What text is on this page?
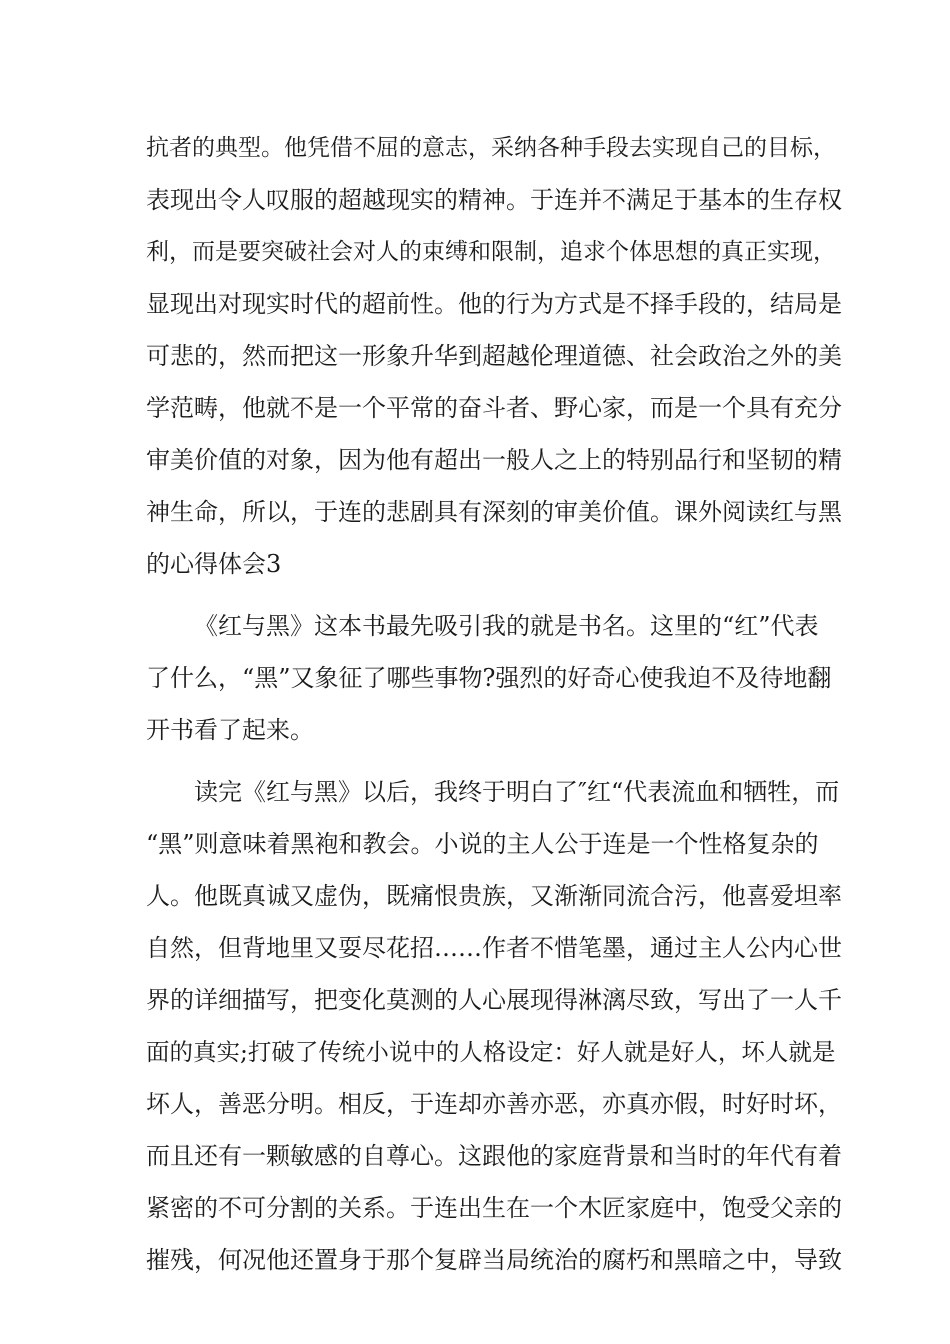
抗者的典型。他凭借不屈的意志，采纳各种手段去实现自己的目标，
表现出令人叹服的超越现实的精神。于连并不满足于基本的生存权
利，而是要突破社会对人的束缚和限制，追求个体思想的真正实现，
显现出对现实时代的超前性。他的行为方式是不择手段的，结局是
可悲的，然而把这一形象升华到超越伦理道德、社会政治之外的美
学范畴，他就不是一个平常的奋斗者、野心家，而是一个具有充分
审美价值的对象，因为他有超出一般人之上的特别品行和坚韧的精
神生命，所以，于连的悲剧具有深刻的审美价值。课外阅读红与黑
的心得体会3
《红与黑》这本书最先吸引我的就是书名。这里的“红”代表
了什么，“黑”又象征了哪些事物?强烈的好奇心使我迫不及待地翻
开书看了起来。
读完《红与黑》以后，我终于明白了″红“代表流血和牺牲，而
“黑”则意味着黑袍和教会。小说的主人公于连是一个性格复杂的
人。他既真诚又虚伪，既痛恨贵族，又渐渐同流合污，他喜爱坦率
自然，但背地里又耍尽花招……作者不惜笔墨，通过主人公内心世
界的详细描写，把变化莫测的人心展现得淋漓尽致，写出了一人千
面的真实;打破了传统小说中的人格设定：好人就是好人，坏人就是
坏人，善恶分明。相反，于连却亦善亦恶，亦真亦假，时好时坏，
而且还有一颗敏感的自尊心。这跟他的家庭背景和当时的年代有着
紧密的不可分割的关系。于连出生在一个木匠家庭中，饱受父亲的
摧残，何况他还置身于那个复辟当局统治的腐朽和黑暗之中，导致
